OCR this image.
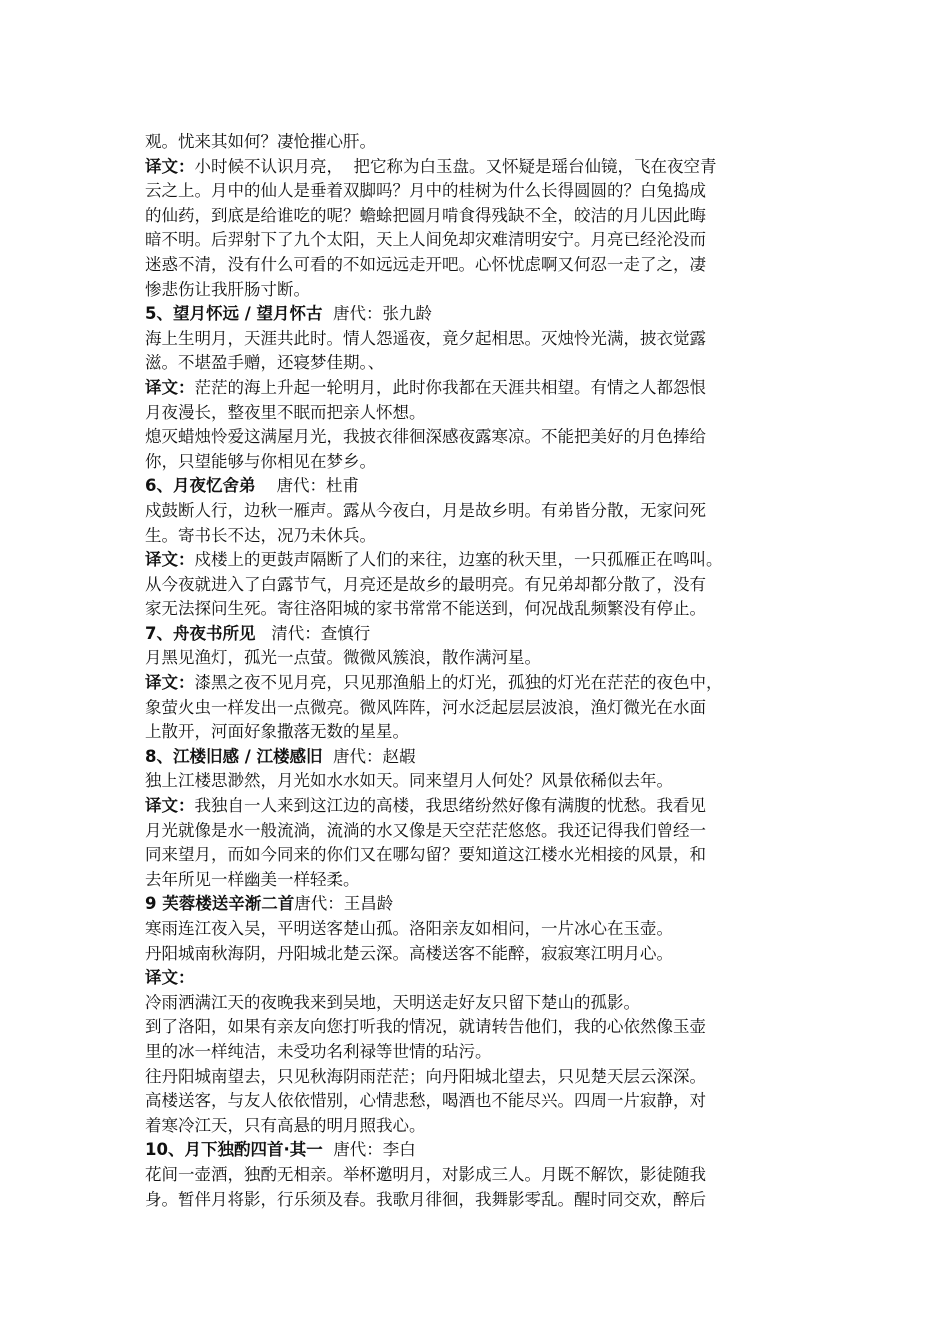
观。忧来其如何？凄怆摧心肝。
译文：小时候不认识月亮，  把它称为白玉盘。又怀疑是瑶台仙镜，飞在夜空青
云之上。月中的仙人是垂着双脚吗？月中的桂树为什么长得圆圆的？白兔捣成
的仙药，到底是给谁吃的呢？蟾蜍把圆月啃食得残缺不全，皎洁的月儿因此晦
暗不明。后羿射下了九个太阳，天上人间免却灾难清明安宁。月亮已经沦没而
迷惑不清，没有什么可看的不如远远走开吧。心怀忧虑啊又何忍一走了之，凄
惨悲伤让我肝肠寸断。
5、望月怀远 / 望月怀古  唐代：张九龄
海上生明月，天涯共此时。情人怨遥夜，竟夕起相思。灭烛怜光满，披衣觉露
滋。不堪盈手赠，还寝梦佳期。、
译文：茫茫的海上升起一轮明月，此时你我都在天涯共相望。有情之人都怨恨
月夜漫长，整夜里不眠而把亲人怀想。
熄灭蜡烛怜爱这满屋月光，我披衣徘徊深感夜露寒凉。不能把美好的月色捧给
你，只望能够与你相见在梦乡。
6、月夜忆舍弟    唐代：杜甫
戍鼓断人行，边秋一雁声。露从今夜白，月是故乡明。有弟皆分散，无家问死
生。寄书长不达，况乃未休兵。
译文：戍楼上的更鼓声隔断了人们的来往，边塞的秋天里，一只孤雁正在鸣叫。
从今夜就进入了白露节气，月亮还是故乡的最明亮。有兄弟却都分散了，没有
家无法探问生死。寄往洛阳城的家书常常不能送到，何况战乱频繁没有停止。
7、舟夜书所见   清代：查慎行
月黑见渔灯，孤光一点萤。微微风簇浪，散作满河星。
译文：漆黑之夜不见月亮，只见那渔船上的灯光，孤独的灯光在茫茫的夜色中，
象萤火虫一样发出一点微亮。微风阵阵，河水泛起层层波浪，渔灯微光在水面
上散开，河面好象撒落无数的星星。
8、江楼旧感 / 江楼感旧  唐代：赵嘏
独上江楼思渺然，月光如水水如天。同来望月人何处？风景依稀似去年。
译文：我独自一人来到这江边的高楼，我思绪纷然好像有满腹的忧愁。我看见
月光就像是水一般流淌，流淌的水又像是天空茫茫悠悠。我还记得我们曾经一
同来望月，而如今同来的你们又在哪勾留？要知道这江楼水光相接的风景，和
去年所见一样幽美一样轻柔。
9 芙蓉楼送辛渐二首唐代：王昌龄
寒雨连江夜入吴，平明送客楚山孤。洛阳亲友如相问，一片冰心在玉壶。
丹阳城南秋海阴，丹阳城北楚云深。高楼送客不能醉，寂寂寒江明月心。
译文：
冷雨洒满江天的夜晚我来到吴地，天明送走好友只留下楚山的孤影。
到了洛阳，如果有亲友向您打听我的情况，就请转告他们，我的心依然像玉壶
里的冰一样纯洁，未受功名利禄等世情的玷污。
往丹阳城南望去，只见秋海阴雨茫茫；向丹阳城北望去，只见楚天层云深深。
高楼送客，与友人依依惜别，心情悲愁，喝酒也不能尽兴。四周一片寂静，对
着寒冷江天，只有高悬的明月照我心。
10、月下独酌四首·其一  唐代：李白
花间一壶酒，独酌无相亲。举杯邀明月，对影成三人。月既不解饮，影徒随我
身。暂伴月将影，行乐须及春。我歌月徘徊，我舞影零乱。醒时同交欢，醉后
